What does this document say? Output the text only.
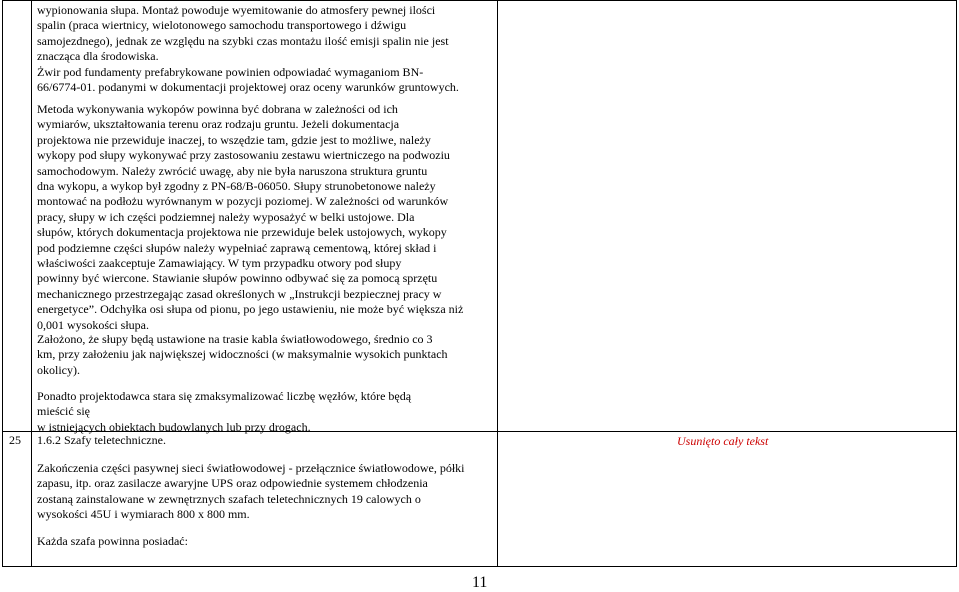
wypionowania słupa. Montaż powoduje wyemitowanie do atmosfery pewnej ilości

spalin (praca wiertnicy, wielotonowego samochodu transportowego i dźwigu

samojezdnego), jednak ze względu na szybki czas montażu ilość emisji spalin nie jest

znacząca dla środowiska.

Żwir pod fundamenty prefabrykowane powinien odpowiadać wymaganiom BN-

66/6774-01. podanymi w dokumentacji projektowej oraz oceny warunków gruntowych.

Metoda wykonywania wykopów powinna być dobrana w zależności od ich

wymiarów, ukształtowania terenu oraz rodzaju gruntu. Jeżeli dokumentacja

projektowa nie przewiduje inaczej, to wszędzie tam, gdzie jest to możliwe, należy

wykopy pod słupy wykonywać przy zastosowaniu zestawu wiertniczego na podwoziu

samochodowym. Należy zwrócić uwagę, aby nie była naruszona struktura gruntu

dna wykopu, a wykop był zgodny z PN-68/B-06050. Słupy strunobetonowe należy

montować na podłożu wyrównanym w pozycji poziomej. W zależności od warunków

pracy, słupy w ich części podziemnej należy wyposażyć w belki ustojowe. Dla

słupów, których dokumentacja projektowa nie przewiduje belek ustojowych, wykopy

pod podziemne części słupów należy wypełniać zaprawą cementową, której skład i

właściwości zaakceptuje Zamawiający. W tym przypadku otwory pod słupy

powinny być wiercone. Stawianie słupów powinno odbywać się za pomocą sprzętu

mechanicznego przestrzegając zasad określonych w „Instrukcji bezpiecznej pracy w

energetyce”. Odchyłka osi słupa od pionu, po jego ustawieniu, nie może być większa niż

0,001 wysokości słupa.

Założono, że słupy będą ustawione na trasie kabla światłowodowego, średnio co 3

km, przy założeniu jak największej widoczności (w maksymalnie wysokich punktach

okolicy).

Ponadto projektodawca stara się zmaksymalizować liczbę węzłów, które będą

mieścić się

w istniejących obiektach budowlanych lub przy drogach.

25 1.6.2 Szafy teletechniczne.	Usunięto cały tekst

Zakończenia części pasywnej sieci światłowodowej - przełącznice światłowodowe, półki

zapasu, itp. oraz zasilacze awaryjne UPS oraz odpowiednie systemem chłodzenia

zostaną zainstalowane w zewnętrznych szafach teletechnicznych 19 calowych o

wysokości 45U i wymiarach 800 x 800 mm.

Każda szafa powinna posiadać:

11
